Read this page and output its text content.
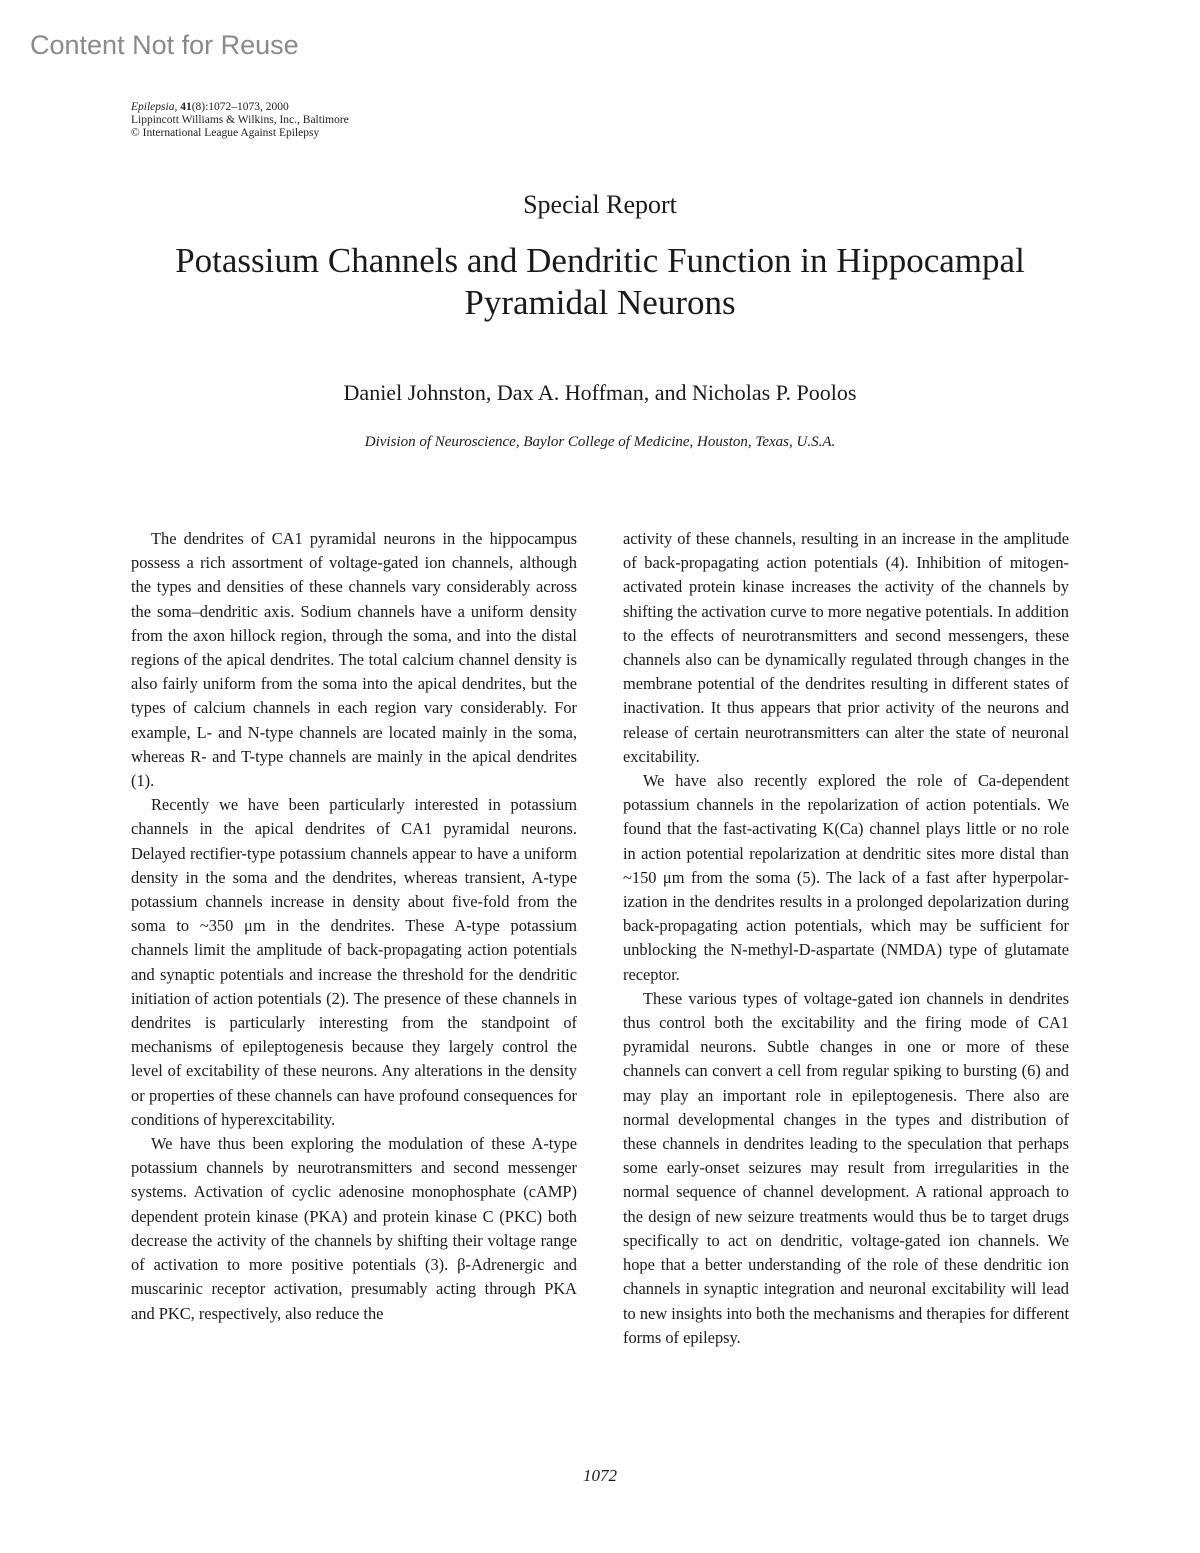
Content Not for Reuse
Epilepsia, 41(8):1072–1073, 2000
Lippincott Williams & Wilkins, Inc., Baltimore
© International League Against Epilepsy
Special Report
Potassium Channels and Dendritic Function in Hippocampal Pyramidal Neurons
Daniel Johnston, Dax A. Hoffman, and Nicholas P. Poolos
Division of Neuroscience, Baylor College of Medicine, Houston, Texas, U.S.A.

The dendrites of CA1 pyramidal neurons in the hippocampus possess a rich assortment of voltage-gated ion channels, although the types and densities of these channels vary considerably across the soma–dendritic axis. Sodium channels have a uniform density from the axon hillock region, through the soma, and into the distal regions of the apical dendrites. The total calcium channel density is also fairly uniform from the soma into the apical dendrites, but the types of calcium channels in each region vary considerably. For example, L- and N-type channels are located mainly in the soma, whereas R- and T-type channels are mainly in the apical dendrites (1).

Recently we have been particularly interested in potassium channels in the apical dendrites of CA1 pyramidal neurons. Delayed rectifier-type potassium channels appear to have a uniform density in the soma and the dendrites, whereas transient, A-type potassium channels increase in density about five-fold from the soma to ~350 μm in the dendrites. These A-type potassium channels limit the amplitude of back-propagating action potentials and synaptic potentials and increase the threshold for the dendritic initiation of action potentials (2). The presence of these channels in dendrites is particularly interesting from the standpoint of mechanisms of epileptogenesis because they largely control the level of excitability of these neurons. Any alterations in the density or properties of these channels can have profound consequences for conditions of hyperexcitability.

We have thus been exploring the modulation of these A-type potassium channels by neurotransmitters and second messenger systems. Activation of cyclic adenosine monophosphate (cAMP) dependent protein kinase (PKA) and protein kinase C (PKC) both decrease the activity of the channels by shifting their voltage range of activation to more positive potentials (3). β-Adrenergic and muscarinic receptor activation, presumably acting through PKA and PKC, respectively, also reduce the

activity of these channels, resulting in an increase in the amplitude of back-propagating action potentials (4). Inhibition of mitogen-activated protein kinase increases the activity of the channels by shifting the activation curve to more negative potentials. In addition to the effects of neurotransmitters and second messengers, these channels also can be dynamically regulated through changes in the membrane potential of the dendrites resulting in different states of inactivation. It thus appears that prior activity of the neurons and release of certain neurotransmitters can alter the state of neuronal excitability.

We have also recently explored the role of Ca-dependent potassium channels in the repolarization of action potentials. We found that the fast-activating K(Ca) channel plays little or no role in action potential repolarization at dendritic sites more distal than ~150 μm from the soma (5). The lack of a fast after hyperpolarization in the dendrites results in a prolonged depolarization during back-propagating action potentials, which may be sufficient for unblocking the N-methyl-D-aspartate (NMDA) type of glutamate receptor.

These various types of voltage-gated ion channels in dendrites thus control both the excitability and the firing mode of CA1 pyramidal neurons. Subtle changes in one or more of these channels can convert a cell from regular spiking to bursting (6) and may play an important role in epileptogenesis. There also are normal developmental changes in the types and distribution of these channels in dendrites leading to the speculation that perhaps some early-onset seizures may result from irregularities in the normal sequence of channel development. A rational approach to the design of new seizure treatments would thus be to target drugs specifically to act on dendritic, voltage-gated ion channels. We hope that a better understanding of the role of these dendritic ion channels in synaptic integration and neuronal excitability will lead to new insights into both the mechanisms and therapies for different forms of epilepsy.

1072
